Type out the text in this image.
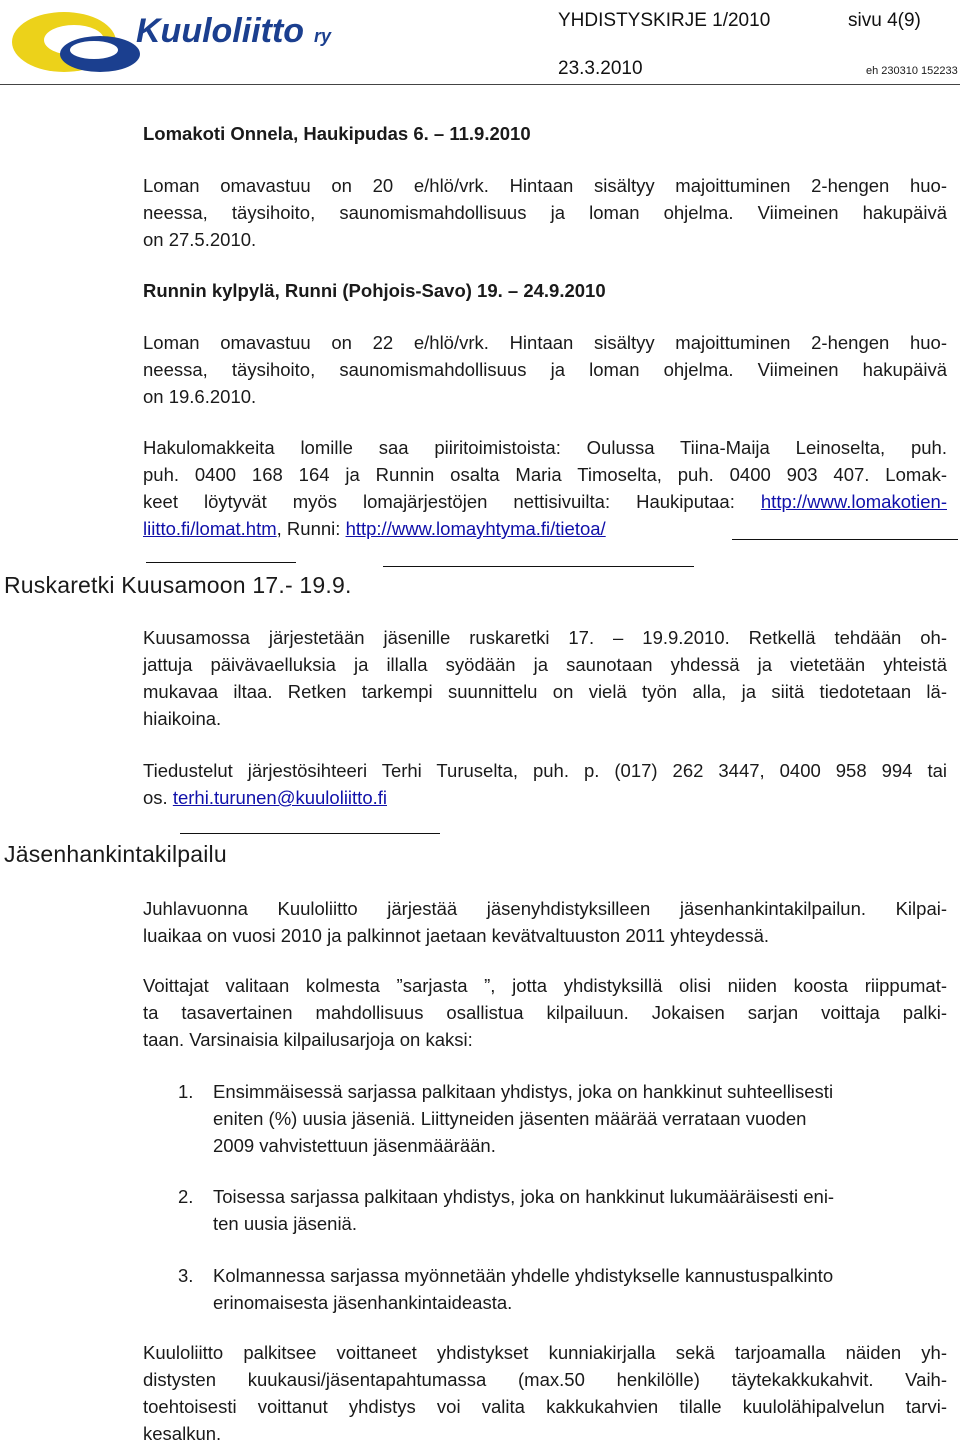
Kuuloliitto ry
YHDISTYSKIRJE 1/2010	sivu 4(9)
23.3.2010	eh 230310 152233
Lomakoti Onnela, Haukipudas 6. – 11.9.2010
Loman omavastuu on 20 e/hlö/vrk. Hintaan sisältyy majoittuminen 2-hengen huo-
neessa, täysihoito, saunomismahdollisuus ja loman ohjelma. Viimeinen hakupäivä
on 27.5.2010.
Runnin kylpylä, Runni (Pohjois-Savo) 19. – 24.9.2010
Loman omavastuu on 22 e/hlö/vrk. Hintaan sisältyy majoittuminen 2-hengen huo-
neessa, täysihoito, saunomismahdollisuus ja loman ohjelma. Viimeinen hakupäivä
on 19.6.2010.
Hakulomakkeita lomille saa piiritoimistoista: Oulussa Tiina-Maija Leinoselta, puh.
puh. 0400 168 164 ja Runnin osalta Maria Timoselta, puh. 0400 903 407. Lomak-
keet löytyvät myös lomajärjestöjen nettisivuilta: Haukiputaa: http://www.lomakotien-
liitto.fi/lomat.htm, Runni: http://www.lomayhtyma.fi/tietoa/
Ruskaretki Kuusamoon 17.- 19.9.
Kuusamossa järjestetään jäsenille ruskaretki 17. – 19.9.2010. Retkellä tehdään oh-
jattuja päivävaelluksia ja illalla syödään ja saunotaan yhdessä ja vietetään yhteistä
mukavaa iltaa. Retken tarkempi suunnittelu on vielä työn alla, ja siitä tiedotetaan lä-
hiaikoina.
Tiedustelut järjestösihteeri Terhi Turuselta, puh. p. (017) 262 3447, 0400 958 994 tai
os. terhi.turunen@kuuloliitto.fi
Jäsenhankintakilpailu
Juhlavuonna Kuuloliitto järjestää jäsenyhdistyksilleen jäsenhankintakilpailun. Kilpai-
luaikaa on vuosi 2010 ja palkinnot jaetaan kevätvaltuuston 2011 yhteydessä.
Voittajat valitaan kolmesta ”sarjasta ”, jotta yhdistyksillä olisi niiden koosta riippumat-
ta tasavertainen mahdollisuus osallistua kilpailuun. Jokaisen sarjan voittaja palki-
taan. Varsinaisia kilpailusarjoja on kaksi:
1. Ensimmäisessä sarjassa palkitaan yhdistys, joka on hankkinut suhteellisesti
eniten (%) uusia jäseniä. Liittyneiden jäsenten määrää verrataan vuoden
2009 vahvistettuun jäsenmäärään.
2. Toisessa sarjassa palkitaan yhdistys, joka on hankkinut lukumääräisesti eni-
ten uusia jäseniä.
3. Kolmannessa sarjassa myönnetään yhdelle yhdistykselle kannustuspalkinto
erinomaisesta jäsenhankintaideasta.
Kuuloliitto palkitsee voittaneet yhdistykset kunniakirjalla sekä tarjoamalla näiden yh-
distysten kuukausi/jäsentapahtumassa (max.50 henkilölle) täytekakkukahvit. Vaih-
toehtoisesti voittanut yhdistys voi valita kakkukahvien tilalle kuulolähipalvelun tarvi-
kesalkun.
